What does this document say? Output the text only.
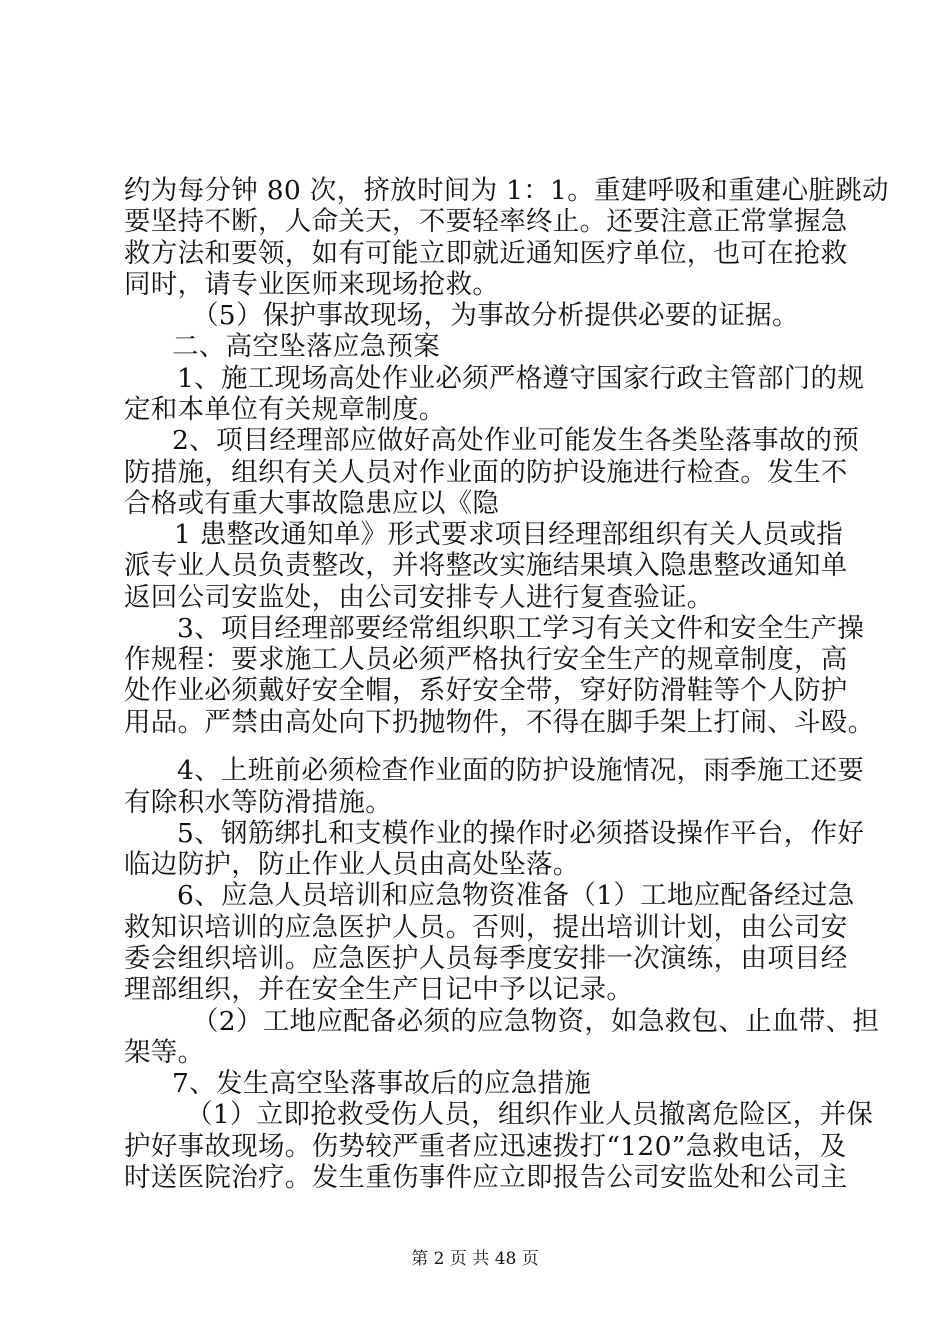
约为每分钟 80 次，挤放时间为 1：1。重建呼吸和重建心脏跳动
要坚持不断，人命关天，不要轻率终止。还要注意正常掌握急
救方法和要领，如有可能立即就近通知医疗单位，也可在抢救
同时，请专业医师来现场抢救。
（5）保护事故现场，为事故分析提供必要的证据。
二、高空坠落应急预案
1、施工现场高处作业必须严格遵守国家行政主管部门的规
定和本单位有关规章制度。
2、项目经理部应做好高处作业可能发生各类坠落事故的预
防措施，组织有关人员对作业面的防护设施进行检查。发生不
合格或有重大事故隐患应以《隐
1 患整改通知单》形式要求项目经理部组织有关人员或指
派专业人员负责整改，并将整改实施结果填入隐患整改通知单
返回公司安监处，由公司安排专人进行复查验证。
3、项目经理部要经常组织职工学习有关文件和安全生产操
作规程：要求施工人员必须严格执行安全生产的规章制度，高
处作业必须戴好安全帽，系好安全带，穿好防滑鞋等个人防护
用品。严禁由高处向下扔抛物件，不得在脚手架上打闹、斗殴。
4、上班前必须检查作业面的防护设施情况，雨季施工还要
有除积水等防滑措施。
5、钢筋绑扎和支模作业的操作时必须搭设操作平台，作好
临边防护，防止作业人员由高处坠落。
6、应急人员培训和应急物资准备（1）工地应配备经过急
救知识培训的应急医护人员。否则，提出培训计划，由公司安
委会组织培训。应急医护人员每季度安排一次演练，由项目经
理部组织，并在安全生产日记中予以记录。
（2）工地应配备必须的应急物资，如急救包、止血带、担
架等。
7、发生高空坠落事故后的应急措施
（1）立即抢救受伤人员，组织作业人员撤离危险区，并保
护好事故现场。伤势较严重者应迅速拨打“120”急救电话，及
时送医院治疗。发生重伤事件应立即报告公司安监处和公司主
第 2 页 共 48 页
